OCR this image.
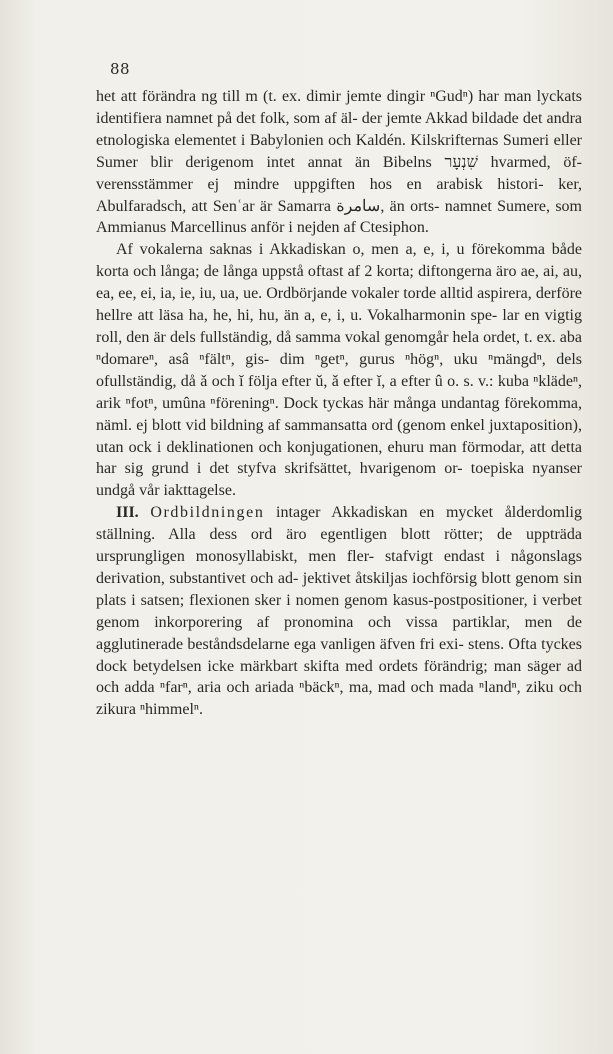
88

het att förändra ng till m (t. ex. dimir jemte dingir ⁿGudⁿ) har man lyckats identifiera namnet på det folk, som af äl- der jemte Akkad bildade det andra etnologiska elementet i Babylonien och Kaldén. Kilskrifternas Sumeri eller Sumer blir derigenom intet annat än Bibelns שִׁנְעָר hvarmed, öf- verensstämmer ej mindre uppgiften hos en arabisk histori- ker, Abulfaradsch, att Senʿar är Samarra سامرة, än orts- namnet Sumere, som Ammianus Marcellinus anför i nejden af Ctesiphon.

Af vokalerna saknas i Akkadiskan o, men a, e, i, u förekomma både korta och långa; de långa uppstå oftast af 2 korta; diftongerna äro ae, ai, au, ea, ee, ei, ia, ie, iu, ua, ue. Ordbörjande vokaler torde alltid aspirera, derföre hellre att läsa ha, he, hi, hu, än a, e, i, u. Vokalharmonin spe- lar en vigtig roll, den är dels fullständig, då samma vokal genomgår hela ordet, t. ex. aba ⁿdomareⁿ, asâ ⁿfältⁿ, gis- dim ⁿgetⁿ, gurus ⁿhögⁿ, uku ⁿmängdⁿ, dels ofullständig, då ǎ och ǐ följa efter ǔ, ǎ efter ǐ, a efter û o. s. v.: kuba ⁿklädeⁿ, arik ⁿfotⁿ, umûna ⁿföreningⁿ. Dock tyckas här många undantag förekomma, näml. ej blott vid bildning af sammansatta ord (genom enkel juxtaposition), utan ock i deklinationen och konjugationen, ehuru man förmodar, att detta har sig grund i det styfva skrifsättet, hvarigenom or- toepiska nyanser undgå vår iakttagelse.

III. Ordbildningen intager Akkadiskan en mycket ålderdomlig ställning. Alla dess ord äro egentligen blott rötter; de uppträda ursprungligen monosyllabiskt, men fler- stafvigt endast i någonslags derivation, substantivet och ad- jektivet åtskiljas iochförsig blott genom sin plats i satsen; flexionen sker i nomen genom kasus-postpositioner, i verbet genom inkorporering af pronomina och vissa partiklar, men de agglutinerade beståndsdelarne ega vanligen äfven fri exi- stens. Ofta tyckes dock betydelsen icke märkbart skifta med ordets förändrig; man säger ad och adda ⁿfarⁿ, aria och ariada ⁿbäckⁿ, ma, mad och mada ⁿlandⁿ, ziku och zikura ⁿhimmelⁿ.
